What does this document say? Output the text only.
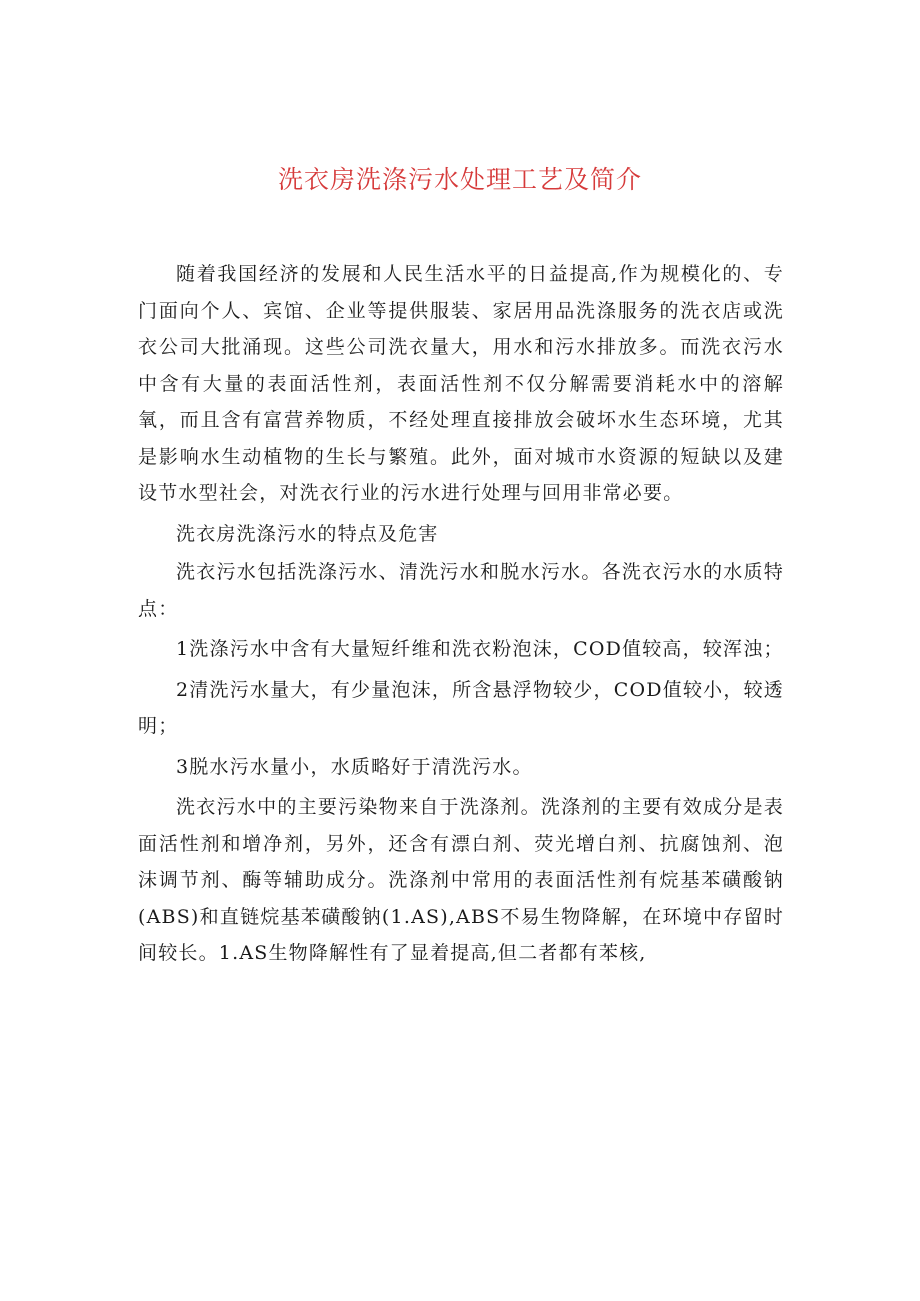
洗衣房洗涤污水处理工艺及简介

随着我国经济的发展和人民生活水平的日益提高,作为规模化的、专门面向个人、宾馆、企业等提供服装、家居用品洗涤服务的洗衣店或洗衣公司大批涌现。这些公司洗衣量大，用水和污水排放多。而洗衣污水中含有大量的表面活性剂，表面活性剂不仅分解需要消耗水中的溶解氧，而且含有富营养物质，不经处理直接排放会破坏水生态环境，尤其是影响水生动植物的生长与繁殖。此外，面对城市水资源的短缺以及建设节水型社会，对洗衣行业的污水进行处理与回用非常必要。

洗衣房洗涤污水的特点及危害

洗衣污水包括洗涤污水、清洗污水和脱水污水。各洗衣污水的水质特点：

1洗涤污水中含有大量短纤维和洗衣粉泡沫，COD值较高，较浑浊；

2清洗污水量大，有少量泡沫，所含悬浮物较少，COD值较小，较透明；

3脱水污水量小，水质略好于清洗污水。

洗衣污水中的主要污染物来自于洗涤剂。洗涤剂的主要有效成分是表面活性剂和增净剂，另外，还含有漂白剂、荧光增白剂、抗腐蚀剂、泡沫调节剂、酶等辅助成分。洗涤剂中常用的表面活性剂有烷基苯磺酸钠(ABS)和直链烷基苯磺酸钠(1.AS),ABS不易生物降解，在环境中存留时间较长。1.AS生物降解性有了显着提高,但二者都有苯核,
